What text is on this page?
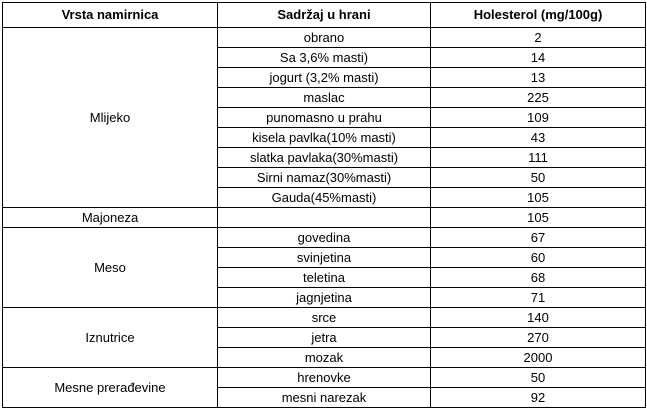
Vrsta namirnica	Sadržaj u hrani	Holesterol (mg/100g)
Mlijeko	obrano	2
	Sa 3,6% masti)	14
	jogurt (3,2% masti)	13
	maslac	225
	punomasno u prahu	109
	kisela pavlka(10% masti)	43
	slatka pavlaka(30%masti)	111
	Sirni namaz(30%masti)	50
	Gauda(45%masti)	105
Majoneza		105
Meso	govedina	67
	svinjetina	60
	teletina	68
	jagnjetina	71
Iznutrice	srce	140
	jetra	270
	mozak	2000
Mesne prerađevine	hrenovke	50
	mesni narezak	92
